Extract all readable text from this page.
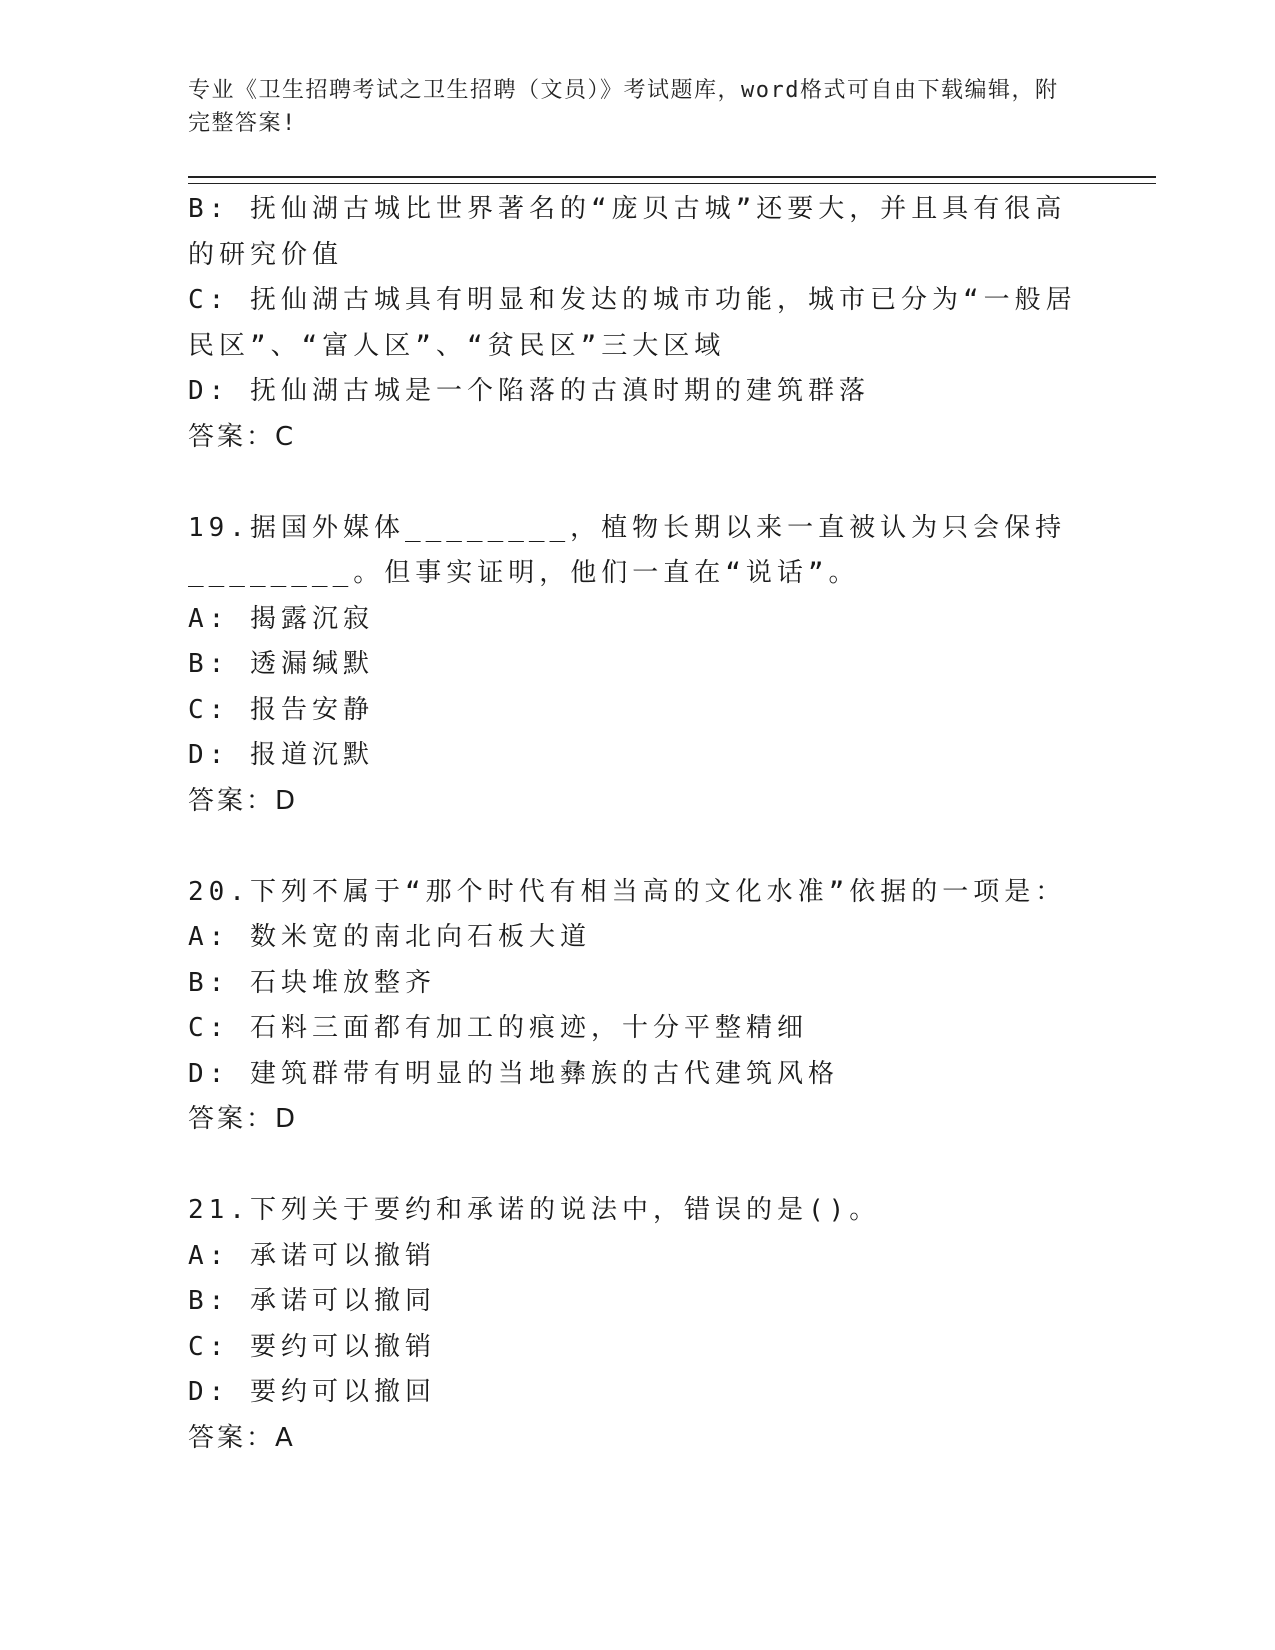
专业《卫生招聘考试之卫生招聘（文员）》考试题库，word格式可自由下载编辑，附完整答案!
B: 抚仙湖古城比世界著名的“庞贝古城”还要大，并且具有很高的研究价值
C: 抚仙湖古城具有明显和发达的城市功能，城市已分为“一般居民区”、“富人区”、“贫民区”三大区域
D: 抚仙湖古城是一个陷落的古滇时期的建筑群落
答案：C
19.据国外媒体________，植物长期以来一直被认为只会保持________。但事实证明，他们一直在“说话”。
A: 揭露沉寂
B: 透漏缄默
C: 报告安静
D: 报道沉默
答案：D
20.下列不属于“那个时代有相当高的文化水准”依据的一项是：
A: 数米宽的南北向石板大道
B: 石块堆放整齐
C: 石料三面都有加工的痕迹，十分平整精细
D: 建筑群带有明显的当地彝族的古代建筑风格
答案：D
21.下列关于要约和承诺的说法中，错误的是()。
A: 承诺可以撤销
B: 承诺可以撤同
C: 要约可以撤销
D: 要约可以撤回
答案：A
